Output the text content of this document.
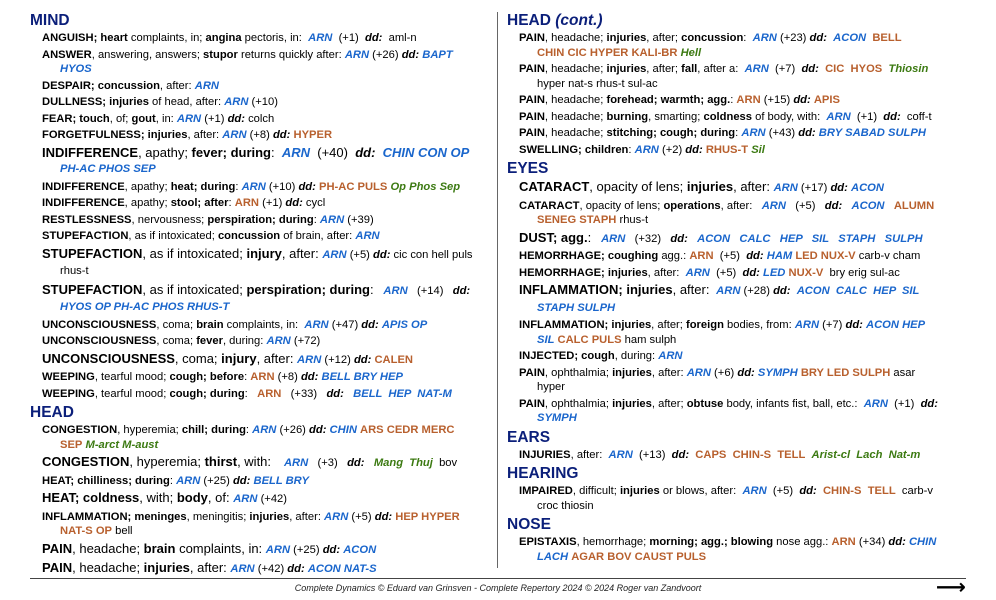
MIND
ANGUISH; heart complaints, in; angina pectoris, in:  ARN  (+1)  dd:  aml-n
ANSWER, answering, answers; stupor returns quickly after: ARN (+26) dd: BAPT
HYOS
DESPAIR; concussion, after: ARN
DULLNESS; injuries of head, after: ARN (+10)
FEAR; touch, of; gout, in: ARN (+1) dd: colch
FORGETFULNESS; injuries, after: ARN (+8) dd: HYPER
INDIFFERENCE, apathy; fever; during:  ARN  (+40)  dd: CHIN CON OP
PH-AC PHOS SEP
INDIFFERENCE, apathy; heat; during: ARN (+10) dd: PH-AC PULS Op Phos Sep
INDIFFERENCE, apathy; stool; after: ARN (+1) dd: cycl
RESTLESSNESS, nervousness; perspiration; during: ARN (+39)
STUPEFACTION, as if intoxicated; concussion of brain, after: ARN
STUPEFACTION, as if intoxicated; injury, after: ARN (+5) dd: cic con hell puls
rhus-t
STUPEFACTION, as if intoxicated; perspiration; during:   ARN   (+14)   dd:
HYOS OP PH-AC PHOS RHUS-T
UNCONSCIOUSNESS, coma; brain complaints, in:  ARN (+47) dd: APIS OP
UNCONSCIOUSNESS, coma; fever, during: ARN (+72)
UNCONSCIOUSNESS, coma; injury, after: ARN (+12) dd: CALEN
WEEPING, tearful mood; cough; before: ARN (+8) dd: BELL BRY HEP
WEEPING, tearful mood; cough; during:   ARN   (+33)   dd: BELL  HEP  NAT-M
HEAD
CONGESTION, hyperemia; chill; during: ARN (+26) dd: CHIN ARS CEDR MERC
SEP M-arct M-aust
CONGESTION, hyperemia; thirst, with:    ARN   (+3)   dd: Mang  Thuj  bov
HEAT; chilliness; during: ARN (+25) dd: BELL BRY
HEAT; coldness, with; body, of: ARN (+42)
INFLAMMATION; meninges, meningitis; injuries, after: ARN (+5) dd: HEP HYPER
NAT-S OP bell
PAIN, headache; brain complaints, in: ARN (+25) dd: ACON
PAIN, headache; injuries, after: ARN (+42) dd: ACON NAT-S
HEAD (cont.)
PAIN, headache; injuries, after; concussion:  ARN (+23) dd: ACON BELL
CHIN CIC HYPER KALI-BR Hell
PAIN, headache; injuries, after; fall, after a:  ARN  (+7)  dd: CIC  HYOS Thiosin
hyper nat-s rhus-t sul-ac
PAIN, headache; forehead; warmth; agg.: ARN (+15) dd: APIS
PAIN, headache; burning, smarting; coldness of body, with:  ARN  (+1)  dd:  coff-t
PAIN, headache; stitching; cough; during: ARN (+43) dd: BRY SABAD SULPH
SWELLING; children: ARN (+2) dd: RHUS-T Sil
EYES
CATARACT, opacity of lens; injuries, after: ARN (+17) dd: ACON
CATARACT, opacity of lens; operations, after:   ARN   (+5)   dd: ACON ALUMN
SENEG STAPH rhus-t
DUST; agg.:   ARN   (+32)   dd: ACON   CALC   HEP   SIL   STAPH   SULPH
HEMORRHAGE; coughing agg.: ARN  (+5)  dd: HAM LED NUX-V carb-v cham
HEMORRHAGE; injuries, after:  ARN  (+5)  dd: LED NUX-V  bry erig sul-ac
INFLAMMATION; injuries, after:  ARN (+28) dd: ACON  CALC  HEP  SIL
STAPH SULPH
INFLAMMATION; injuries, after; foreign bodies, from: ARN (+7) dd: ACON HEP
SIL CALC PULS ham sulph
INJECTED; cough, during: ARN
PAIN, ophthalmia; injuries, after: ARN (+6) dd: SYMPH BRY LED SULPH asar
hyper
PAIN, ophthalmia; injuries, after; obtuse body, infants fist, ball, etc.:  ARN  (+1)  dd:
SYMPH
EARS
INJURIES, after:  ARN  (+13)  dd: CAPS  CHIN-S  TELL Arist-cl  Lach  Nat-m
HEARING
IMPAIRED, difficult; injuries or blows, after:  ARN  (+5)  dd: CHIN-S  TELL  carb-v
croc thiosin
NOSE
EPISTAXIS, hemorrhage; morning; agg.; blowing nose agg.: ARN (+34) dd: CHIN
LACH AGAR BOV CAUST PULS
Complete Dynamics © Eduard van Grinsven - Complete Repertory 2024 © 2024 Roger van Zandvoort	⟶
